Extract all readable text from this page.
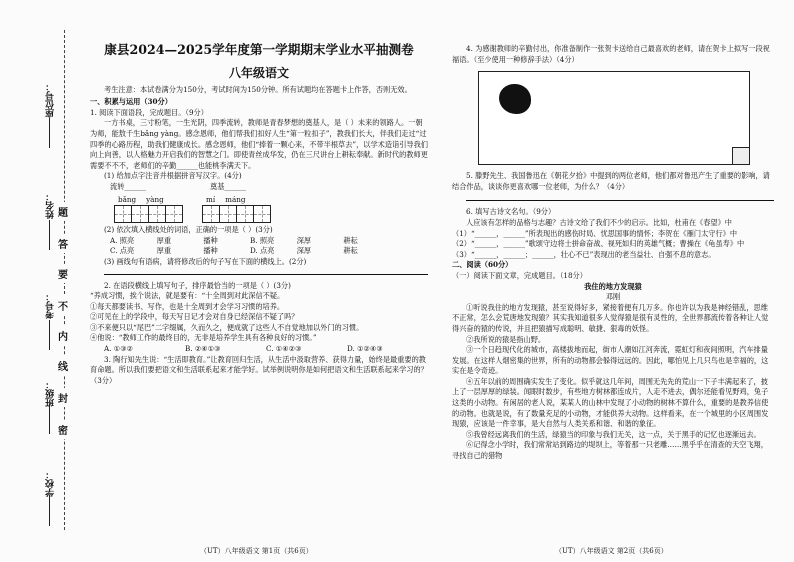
座位号：
姓名：
考号：
班级：
学校：
题
答
要
不
内
线
封
密
康县2024—2025学年度第一学期期末学业水平抽测卷
八年级语文

考生注意：本试卷满分为150分，考试时间为150分钟。所有试题均在答题卡上作答，否则无效。

一、积累与运用（30分）

1. 阅读下面语段，完成题目。（9分）

一方书桌，三寸粉笔，一生光阴，四季流转，教师是青春梦想的奠基人，是（ ）未来的领路人。一朝为师，能敖千生bǎng yàng。感念恩师，他们帮我们扣好人生“第一粒扣子”，教我们长大，伴我们走过“过四季的心路历程，助我们健康成长。感念恩师，他们“捧着一颗心来，不带半根草去”，以学术造诣引导我们向上向善，以人格魅力开启我们的智慧之门。即使青丝成华发，仍在三尺讲台上耕耘奉献。新时代的教师更需要不不不，老师们的辛勤______也能桃李满天下。

(1) 给加点字注音并根据拼音写汉字。(4分)

流转______	奠基______
bǎng yàng	mí máng

(2) 依次填入横线处的词语，正确的一项是（ ）(3分)

A. 照亮	厚重	播种	B. 照亮	深厚	耕耘
C. 点亮	厚重	播种	D. 点亮	深厚	耕耘

(3) 画线句有语病，请将修改后的句子写在下面的横线上。(2分)

2. 在语段横线上填写句子，排序最恰当的一项是（ ）(3分)

“养成习惯，挨个说法，就是要有：“十全周到对此深信不疑。

①每天都要读书、写作，也是十全周到才会学习习惯的培养。

②可见在上的学段中，每天写日记才会对自身已经深信不疑了吗？

③不来便只以“尾巴”二字缀属，久而久之，便成就了这些人不自觉地加以外门的习惯。

④他说：“教师工作的最终目的，无非是培养学生具有各种良好的习惯。”

A. ①③②	B. ②④①③	C. ①④②③	D. ①②④③

3. 陶行知先生说：“生活即教育。”让教育回归生活，从生活中汲取营养、获得力量，始终是最重要的教育命题。所以我们要把语文和生活联系起来才能学好。试举例说明你是如何把语文和生活联系起来学习的？（3分）

（UT）八年级语文 第1页（共6页）

4. 为感谢教师的辛勤付出，你准备制作一张贺卡送给自己最喜欢的老师，请在贺卡上拟写一段祝福语。（至少使用一种修辞手法）（4分）

5. 滕野先生、我国鲁迅在《朝花夕拾》中提到的两位老师，他们都对鲁迅产生了重要的影响，请结合作品，谈谈你更喜欢哪一位老师，为什么？（4分）

6. 填写古诗文名句。（9分）

人应该有怎样的品格与志趣？古诗文给了我们不少的启示。比如，杜甫在《春望》中（1）“______，______”所表现出的感伤时局、忧思国事的情怀；李贺在《雁门太守行》中（2）“______，______”歌颂守边将士拼命奋战、视死如归的英雄气概；曹操在《龟虽寿》中（3）“______，______；______，壮心不已”表现出的老当益壮、自强不息的意志。

二、阅读（60分）

（一）阅读下面文章，完成题目。（18分）

我住的地方发现猿
邓刚

①听说我住的地方发现猿，甚至说得好多，紧接着便有几万多。你也许以为我是神经错乱，思维不正常，怎么会荒唐地发现猿？其实我知道很多人觉得猿是很有灵性的，全世界都流传着各种让人觉得兴奋的猿的传说，并且把猿描写成聪明、敏捷、狠毒的妖怪。

②我所说的猿是指山野。

③一个日趋现代化的城市，高楼拔地而起，街市人潮如江河奔流，霓虹灯和夜间照明，汽车排量发展。在这样人烟密集的世界，所有的动物都会躲得远远的。因此，哪怕见上几只鸟也是幸福的，这实在是令奇迹。

④五年以前的周围确实发生了变化。似乎就这几年间，周围无先先的荒山一下子丰满起来了，披上了一层厚厚的绿装。闻眼时数步，有些地方树林都连成片，人走不进去，偶尔还能看见野鸡，兔子这类的小动物。有闲居的老人说，某某人的山林中发现了小动物的树林不算什么，重要的是教养信使的动物。也就是说，有了数量充足的小动物，才能供养大动物。这样看来，在一个城里的小区周围发现猿，应该是一件幸事，是大自然与人类关系和谐、和谐的象征。

⑤我曾经远离我们的生活，绿猿当的印象与我们无关，这一点，关于黑手的记忆也逐渐远去。

⑥记得念小学时，我们常常站到路边的堤坝上，等着那一只老雕……黑乎乎在清查的天空飞翔，寻找自己的猎物

（UT）八年级语文 第2页（共6页）
